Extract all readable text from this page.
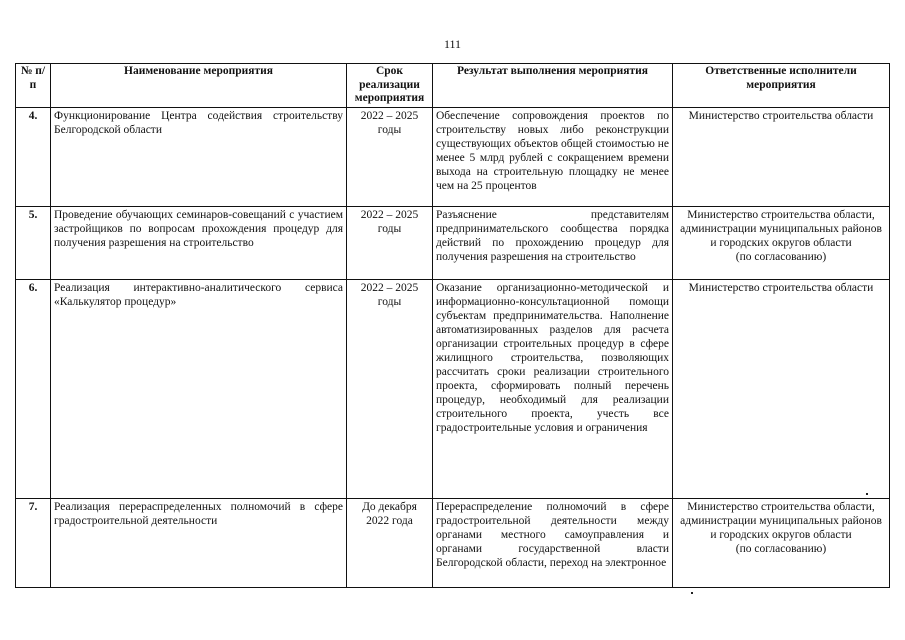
111
№ п/п	Наименование мероприятия	Срок реализации мероприятия	Результат выполнения мероприятия	Ответственные исполнители мероприятия
4.	Функционирование Центра содействия строительству Белгородской области	2022 – 2025 годы	Обеспечение сопровождения проектов по строительству новых либо реконструкции существующих объектов общей стоимостью не менее 5 млрд рублей с сокращением времени выхода на строительную площадку не менее чем на 25 процентов	Министерство строительства области

5.	Проведение обучающих семинаров-совещаний с участием застройщиков по вопросам прохождения процедур для получения разрешения на строительство	2022 – 2025 годы	Разъяснение представителям предпринимательского сообщества порядка действий по прохождению процедур для получения разрешения на строительство	Министерство строительства области, администрации муниципальных районов
и городских округов области
(по согласованию)

6.	Реализация интерактивно-аналитического сервиса «Калькулятор процедур»	2022 – 2025 годы	Оказание организационно-методической и информационно-консультационной помощи субъектам предпринимательства. Наполнение автоматизированных разделов для расчета организации строительных процедур в сфере жилищного строительства, позволяющих рассчитать сроки реализации строительного проекта, сформировать полный перечень процедур, необходимый для реализации строительного проекта, учесть все градостроительные условия и ограничения	Министерство строительства области

7.	Реализация перераспределенных полномочий в сфере градостроительной деятельности	До декабря 2022 года	Перераспределение полномочий в сфере градостроительной деятельности между органами местного самоуправления и органами государственной власти Белгородской области, переход на электронное	Министерство строительства области, администрации муниципальных районов
и городских округов области
(по согласованию)
